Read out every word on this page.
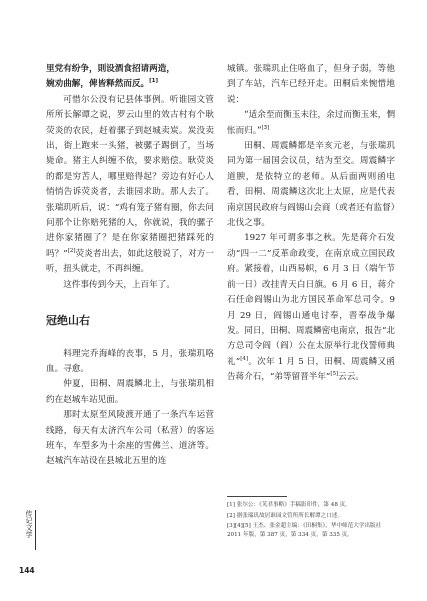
里党有纷争，則设酒食招请两造，
婉劝曲解，俾皆释然而反。[1]

可惜尔公没有记县体事例。听谁园文管所所长解谭之说，罗云山里的效古村有个耿荧炎的农民，赶着骡子到赵城卖炭。炭没卖出，街上跑来一头猪，被骡子踢倒了，当场毙命。猪主人纠缠不依，要求赔偿。耿荧炎的都是穷苦人，哪里赔得起？旁边有好心人悄悄告诉荧炎者，去谁园求助。那人去了。张瑞玑听后，说：“鸡有笼子猪有圈，你去问问那个让你赔死猪的人，你就说，我的骡子进你家猪圈了？是在你家猪圈把猪踩死的吗？”[2]荧炎者出去，如此这般说了，对方一听，扭头就走，不再纠缠。

这件事传到今天，上百年了。

冠绝山右

料理完乔海峰的丧事，5 月，张瑞玑咯血。寻愈。

仲夏，田桐、周震鳞北上，与张瑞玑相约在赵城车站见面。

那时太原至风陵渡开通了一条汽车运营线路，每天有太济汽车公司（私营）的客运班车，车型多为十余座的雪佛兰、道济等。赵城汽车站设在县城北五里的连

城镇。张瑞玑止住咯血了，但身子弱，等他到了车站，汽车已经开走。田桐后来惋惜地说：

“适余至而衡玉未往，余过而衡玉来，惘怅而归。”[3]

田桐、周震鳞都是辛亥元老，与张瑞玑同为第一届国会议员，结为至交。周震鳞字道腴，是依特立的老师。从后面两则函电看，田桐、周震鳞这次北上太原，应是代表南京国民政府与阎锡山会商（或者还有监督）北伐之事。

1927 年可谓多事之秋。先是蒋介石发动“四一二”反革命政变，在南京成立国民政府。紧接着，山西易帜，6 月 3 日（端午节前一日）改挂青天白日旗。6 月 6 日，蒋介石任命阎锡山为北方国民革命军总司令。9 月 29 日，阎锡山通电讨奉，晋奉战争爆发。同日，田桐、周震鳞密电南京，报告“北方总司令阎（阎）公在太原举行北伐誓师典礼”[4]。次年 1 月 5 日，田桐、周震鳞又函告蒋介石，“弟等留晋半年”[5]云云。

[1] 张尔公：《芄君事略》手稿影印件，第 48 页。

[2] 据张瑞玑故居谁园文管所所长解谭之口述。

[3][4][5] 王杰、张金超主编：《田桐集》，华中师范大学出版社 2011 年版，第 387 页，第 334 页，第 335 页。

传记文学
144
